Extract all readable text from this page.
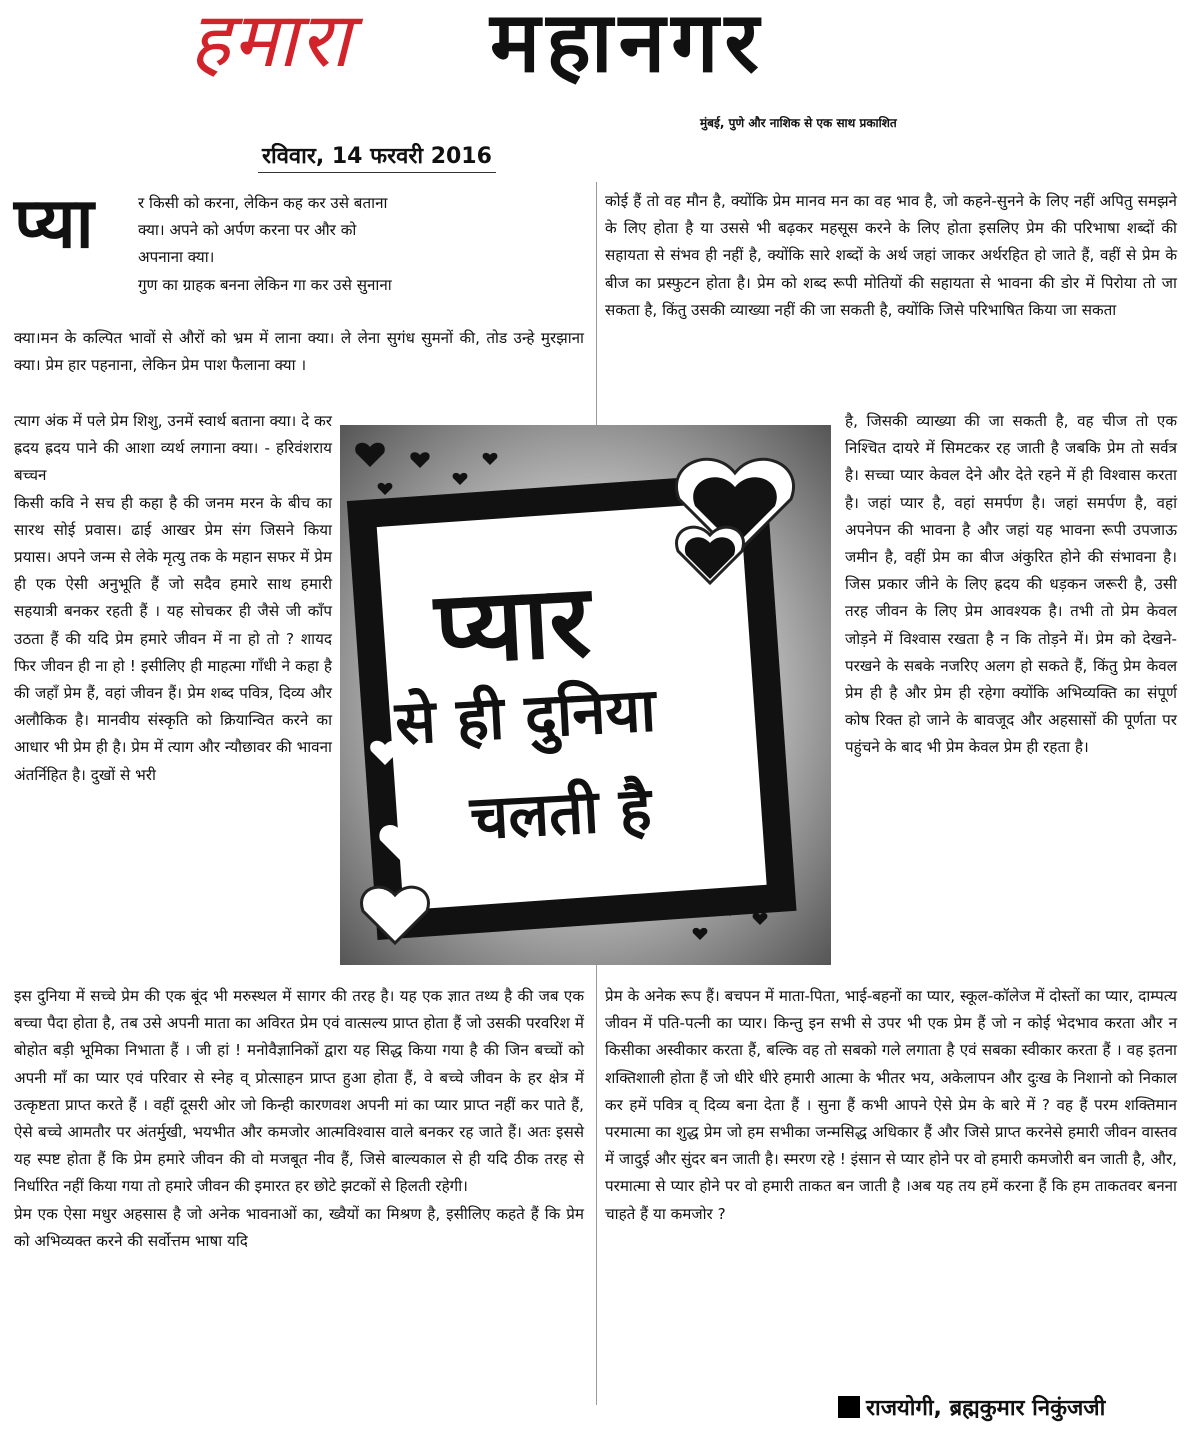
हमारा महानगर
मुंबई, पुणे और नाशिक से एक साथ प्रकाशित
रविवार, 14 फरवरी 2016
प्या	र किसी को करना, लेकिन कह कर उसे बताना

क्या। अपने को अर्पण करना पर और को

अपनाना क्या।

गुण का ग्राहक बनना लेकिन गा कर उसे सुनाना

क्या।मन के कल्पित भावों से औरों को भ्रम में लाना क्या। ले लेना सुगंध सुमनों की, तोड उन्हे मुरझाना क्या। प्रेम हार पहनाना, लेकिन प्रेम पाश फैलाना क्या ।

त्याग अंक में पले प्रेम शिशु, उनमें स्वार्थ बताना क्या। दे कर ह्रदय ह्रदय पाने की आशा व्यर्थ लगाना क्या। - हरिवंशराय बच्चन

किसी कवि ने सच ही कहा है की जनम मरन के बीच का सारथ सोई प्रवास। ढाई आखर प्रेम संग जिसने किया प्रयास। अपने जन्म से लेके मृत्यु तक के महान सफर में प्रेम ही एक ऐसी अनुभूति हैं जो सदैव हमारे साथ हमारी सहयात्री बनकर रहती हैं । यह सोचकर ही जैसे जी काँप उठता हैं की यदि प्रेम हमारे जीवन में ना हो तो ? शायद फिर जीवन ही ना हो ! इसीलिए ही माहत्मा गाँधी ने कहा है की जहाँ प्रेम हैं, वहां जीवन हैं। प्रेम शब्द पवित्र, दिव्य और अलौकिक है। मानवीय संस्कृति को क्रियान्वित करने का आधार भी प्रेम ही है। प्रेम में त्याग और न्यौछावर की भावना अंतर्निहित है। दुखों से भरी

इस दुनिया में सच्चे प्रेम की एक बूंद भी मरुस्थल में सागर की तरह है। यह एक ज्ञात तथ्य है की जब एक बच्चा पैदा होता है, तब उसे अपनी माता का अविरत प्रेम एवं वात्सल्य प्राप्त होता हैं जो उसकी परवरिश में बोहोत बड़ी भूमिका निभाता हैं । जी हां ! मनोवैज्ञानिकों द्वारा यह सिद्ध किया गया है की जिन बच्चों को अपनी माँ का प्यार एवं परिवार से स्नेह व् प्रोत्साहन प्राप्त हुआ होता हैं, वे बच्चे जीवन के हर क्षेत्र में उत्कृष्टता प्राप्त करते हैं । वहीं दूसरी ओर जो किन्ही कारणवश अपनी मां का प्यार प्राप्त नहीं कर पाते हैं, ऐसे बच्चे आमतौर पर अंतर्मुखी, भयभीत और कमजोर आत्मविश्वास वाले बनकर रह जाते हैं। अतः इससे यह स्पष्ट होता हैं कि प्रेम हमारे जीवन की वो मजबूत नीव हैं, जिसे बाल्यकाल से ही यदि ठीक तरह से निर्धारित नहीं किया गया तो हमारे जीवन की इमारत हर छोटे झटकों से हिलती रहेगी।

प्रेम एक ऐसा मधुर अहसास है जो अनेक भावनाओं का, ख्वैयों का मिश्रण है, इसीलिए कहते हैं कि प्रेम को अभिव्यक्त करने की सर्वोत्तम भाषा यदि

कोई हैं तो वह मौन है, क्योंकि प्रेम मानव मन का वह भाव है, जो कहने-सुनने के लिए नहीं अपितु समझने के लिए होता है या उससे भी बढ़कर महसूस करने के लिए होता इसलिए प्रेम की परिभाषा शब्दों की सहायता से संभव ही नहीं है, क्योंकि सारे शब्दों के अर्थ जहां जाकर अर्थरहित हो जाते हैं, वहीं से प्रेम के बीज का प्रस्फुटन होता है। प्रेम को शब्द रूपी मोतियों की सहायता से भावना की डोर में पिरोया तो जा सकता है, किंतु उसकी व्याख्या नहीं की जा सकती है, क्योंकि जिसे परिभाषित किया जा सकता

है, जिसकी व्याख्या की जा सकती है, वह चीज तो एक निश्चित दायरे में सिमटकर रह जाती है जबकि प्रेम तो सर्वत्र है। सच्चा प्यार केवल देने और देते रहने में ही विश्वास करता है। जहां प्यार है, वहां समर्पण है। जहां समर्पण है, वहां अपनेपन की भावना है और जहां यह भावना रूपी उपजाऊ जमीन है, वहीं प्रेम का बीज अंकुरित होने की संभावना है। जिस प्रकार जीने के लिए ह्रदय की धड़कन जरूरी है, उसी तरह जीवन के लिए प्रेम आवश्यक है। तभी तो प्रेम केवल जोड़ने में विश्वास रखता है न कि तोड़ने में। प्रेम को देखने-परखने के सबके नजरिए अलग हो सकते हैं, किंतु प्रेम केवल प्रेम ही है और प्रेम ही रहेगा क्योंकि अभिव्यक्ति का संपूर्ण कोष रिक्त हो जाने के बावजूद और अहसासों की पूर्णता पर पहुंचने के बाद भी प्रेम केवल प्रेम ही रहता है।

प्रेम के अनेक रूप हैं। बचपन में माता-पिता, भाई-बहनों का प्यार, स्कूल-कॉलेज में दोस्तों का प्यार, दाम्पत्य जीवन में पति-पत्नी का प्यार। किन्तु इन सभी से उपर भी एक प्रेम हैं जो न कोई भेदभाव करता और न किसीका अस्वीकार करता हैं, बल्कि वह तो सबको गले लगाता है एवं सबका स्वीकार करता हैं । वह इतना शक्तिशाली होता हैं जो धीरे धीरे हमारी आत्मा के भीतर भय, अकेलापन और दुःख के निशानो को निकाल कर हमें पवित्र व् दिव्य बना देता हैं । सुना हैं कभी आपने ऐसे प्रेम के बारे में ? वह हैं परम शक्तिमान परमात्मा का शुद्ध प्रेम जो हम सभीका जन्मसिद्ध अधिकार हैं और जिसे प्राप्त करनेसे हमारी जीवन वास्तव में जादुई और सुंदर बन जाती है। स्मरण रहे ! इंसान से प्यार होने पर वो हमारी कमजोरी बन जाती है, और, परमात्मा से प्यार होने पर वो हमारी ताकत बन जाती है ।अब यह तय हमें करना हैं कि हम ताकतवर बनना चाहते हैं या कमजोर ?

प्यार
से ही दुनिया
चलती है
राजयोगी, ब्रह्मकुमार निकुंजजी
